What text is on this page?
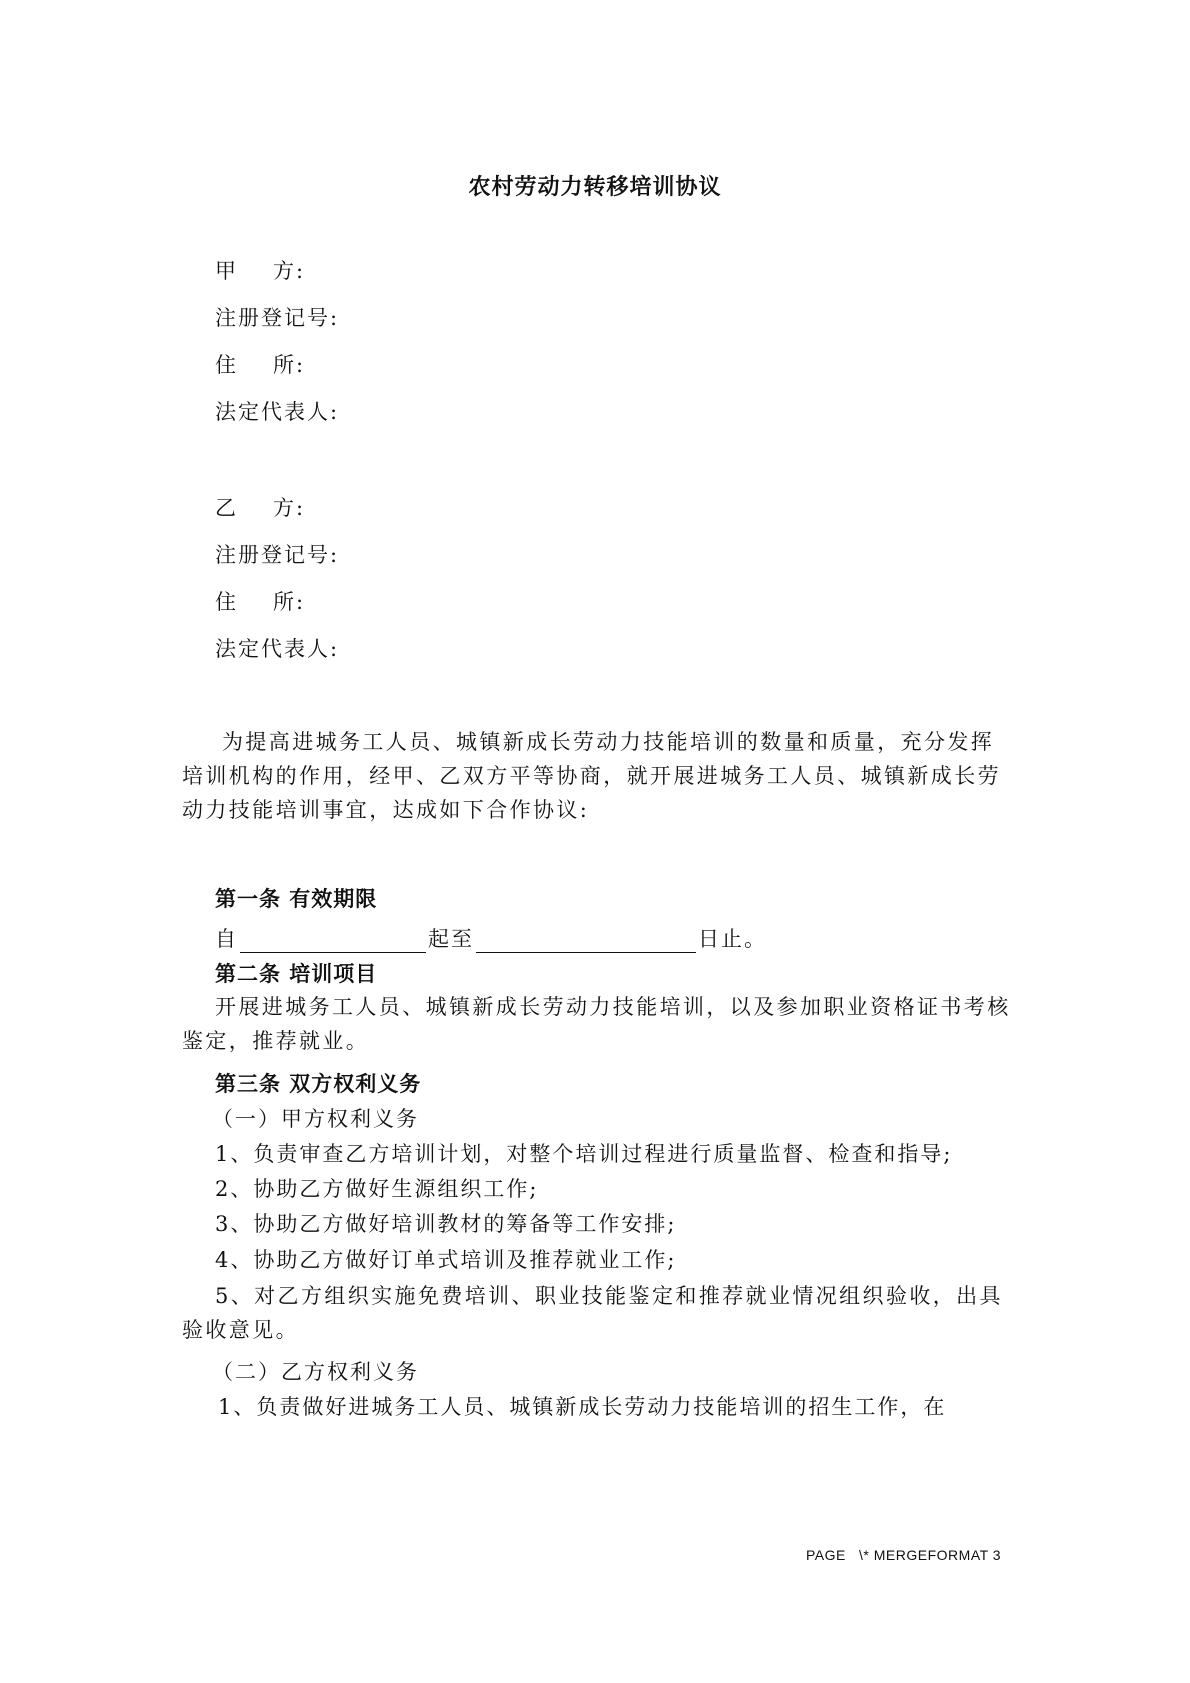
农村劳动力转移培训协议
甲 方:
注册登记号:
住 所:
法定代表人:
乙 方:
注册登记号:
住 所:
法定代表人:
为提高进城务工人员、城镇新成长劳动力技能培训的数量和质量，充分发挥培训机构的作用，经甲、乙双方平等协商，就开展进城务工人员、城镇新成长劳动力技能培训事宜，达成如下合作协议:
第一条 有效期限
自	起至	日止。
第二条 培训项目
开展进城务工人员、城镇新成长劳动力技能培训，以及参加职业资格证书考核鉴定，推荐就业。
第三条 双方权利义务
（一）甲方权利义务
1、负责审查乙方培训计划，对整个培训过程进行质量监督、检查和指导;
2、协助乙方做好生源组织工作;
3、协助乙方做好培训教材的筹备等工作安排;
4、协助乙方做好订单式培训及推荐就业工作;
5、对乙方组织实施免费培训、职业技能鉴定和推荐就业情况组织验收，出具验收意见。
（二）乙方权利义务
1、负责做好进城务工人员、城镇新成长劳动力技能培训的招生工作，在
PAGE   \* MERGEFORMAT 3
